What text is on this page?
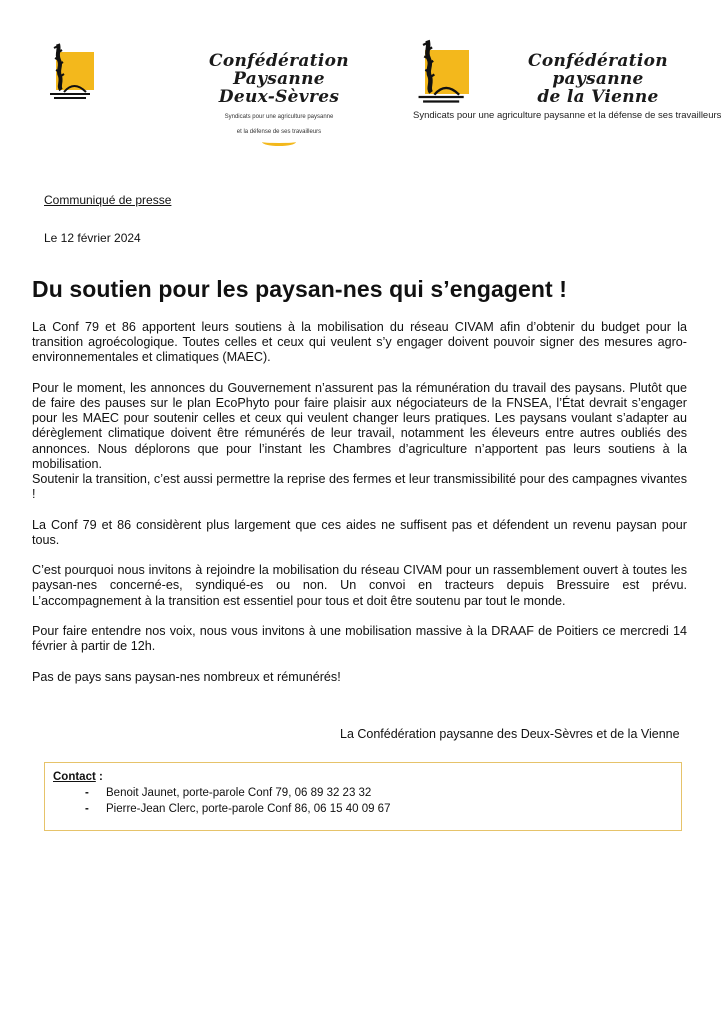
Confédération Paysanne
Deux-Sèvres
Syndicats pour une agriculture paysanne
et la défense de ses travailleurs
Confédération paysanne
de la Vienne
Syndicats pour une agriculture paysanne et la défense de ses travailleurs
Communiqué de presse
Le 12 février 2024
Du soutien pour les paysan-nes qui s’engagent !

La Conf 79 et 86 apportent leurs soutiens à la mobilisation du réseau CIVAM afin d’obtenir du budget pour la transition agroécologique. Toutes celles et ceux qui veulent s’y engager doivent pouvoir signer des mesures agro-environnementales et climatiques (MAEC).

Pour le moment, les annonces du Gouvernement n’assurent pas la rémunération du travail des paysans. Plutôt que de faire des pauses sur le plan EcoPhyto pour faire plaisir aux négociateurs de la FNSEA, l’État devrait s’engager pour les MAEC pour soutenir celles et ceux qui veulent changer leurs pratiques. Les paysans voulant s’adapter au dérèglement climatique doivent être rémunérés de leur travail, notamment les éleveurs entre autres oubliés des annonces. Nous déplorons que pour l’instant les Chambres d’agriculture n’apportent pas leurs soutiens à la mobilisation.

Soutenir la transition, c’est aussi permettre la reprise des fermes et leur transmissibilité pour des campagnes vivantes !

La Conf 79 et 86 considèrent plus largement que ces aides ne suffisent pas et défendent un revenu paysan pour tous.

C’est pourquoi nous invitons à rejoindre la mobilisation du réseau CIVAM pour un rassemblement ouvert à toutes les paysan-nes concerné-es, syndiqué-es ou non. Un convoi en tracteurs depuis Bressuire est prévu. L’accompagnement à la transition est essentiel pour tous et doit être soutenu par tout le monde.

Pour faire entendre nos voix, nous vous invitons à une mobilisation massive à la DRAAF de Poitiers ce mercredi 14 février à partir de 12h.

Pas de pays sans paysan-nes nombreux et rémunérés!

La Confédération paysanne des Deux-Sèvres et de la Vienne
Contact :
- Benoit Jaunet, porte-parole Conf 79, 06 89 32 23 32
- Pierre-Jean Clerc, porte-parole Conf 86, 06 15 40 09 67
